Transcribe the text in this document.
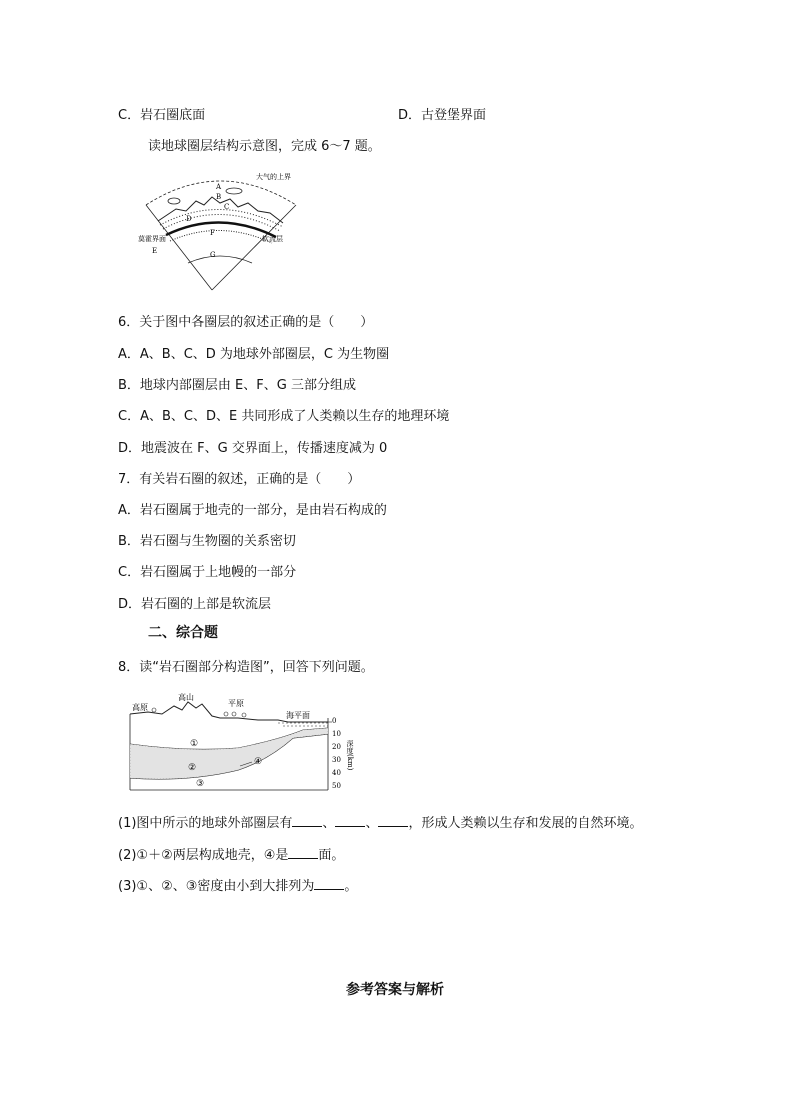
C．岩石圈底面	D．古登堡界面
读地球圈层结构示意图，完成 6～7 题。
A
B
C
D
E
F
G
大气的上界
莫霍界面	软流层
6．关于图中各圈层的叙述正确的是（　　）
A．A、B、C、D 为地球外部圈层，C 为生物圈
B．地球内部圈层由 E、F、G 三部分组成
C．A、B、C、D、E 共同形成了人类赖以生存的地理环境
D．地震波在 F、G 交界面上，传播速度减为 0
7．有关岩石圈的叙述，正确的是（　　）
A．岩石圈属于地壳的一部分，是由岩石构成的
B．岩石圈与生物圈的关系密切
C．岩石圈属于上地幔的一部分
D．岩石圈的上部是软流层
二、综合题
8．读“岩石圈部分构造图”，回答下列问题。
高原
高山
平原
海平面
①
②
③
④
0
10
20
30
40
50
深度(km)
(1)图中所示的地球外部圈层有 、 、 ，形成人类赖以生存和发展的自然环境。
(2)①＋②两层构成地壳，④是 面。
(3)①、②、③密度由小到大排列为 。
参考答案与解析
